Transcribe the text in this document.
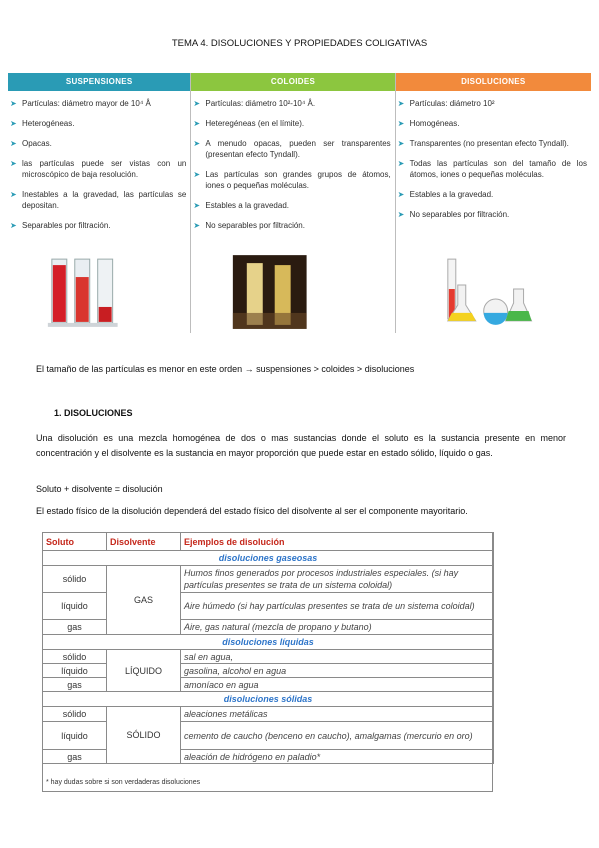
TEMA 4. DISOLUCIONES Y PROPIEDADES COLIGATIVAS
SUSPENSIONES
➤ Partículas: diámetro mayor de 10⁴ Å
➤ Heterogéneas.
➤ Opacas.
➤ las partículas puede ser vistas con un microscópico de baja resolución.
➤ Inestables a la gravedad, las partículas se depositan.
➤ Separables por filtración.
COLOIDES
➤ Partículas: diámetro 10²-10⁴ Å.
➤ Heteregéneas (en el límite).
➤ A menudo opacas, pueden ser transparentes (presentan efecto Tyndall).
➤ Las partículas son grandes grupos de átomos, iones o pequeñas moléculas.
➤ Estables a la gravedad.
➤ No separables por filtración.
DISOLUCIONES
➤ Partículas: diámetro 10²
➤ Homogéneas.
➤ Transparentes (no presentan efecto Tyndall).
➤ Todas las partículas son del tamaño de los átomos, iones o pequeñas moléculas.
➤ Estables a la gravedad.
➤ No separables por filtración.
El tamaño de las partículas es menor en este orden → suspensiones > coloides > disoluciones
1. DISOLUCIONES
Una disolución es una mezcla homogénea de dos o mas sustancias donde el soluto es la sustancia presente en menor concentración y el disolvente es la sustancia en mayor proporción que puede estar en estado sólido, líquido o gas.
Soluto + disolvente = disolución
El estado físico de la disolución dependerá del estado físico del disolvente al ser el componente mayoritario.
Soluto	Disolvente	Ejemplos de disolución
disoluciones gaseosas		
sólido	GAS	Humos finos generados por procesos industriales especiales. (si hay partículas presentes se trata de un sistema coloidal)
líquido		Aire húmedo (si hay partículas presentes se trata de un sistema coloidal)
gas		Aire, gas natural (mezcla de propano y butano)
disoluciones líquidas		
sólido	LÍQUIDO	sal en agua,
líquido		gasolina, alcohol en agua
gas		amoníaco en agua
disoluciones sólidas		
sólido	SÓLIDO	aleaciones metálicas
líquido		cemento de caucho (benceno en caucho), amalgamas (mercurio en oro)
gas		aleación de hidrógeno en paladio*
* hay dudas sobre si son verdaderas disoluciones
